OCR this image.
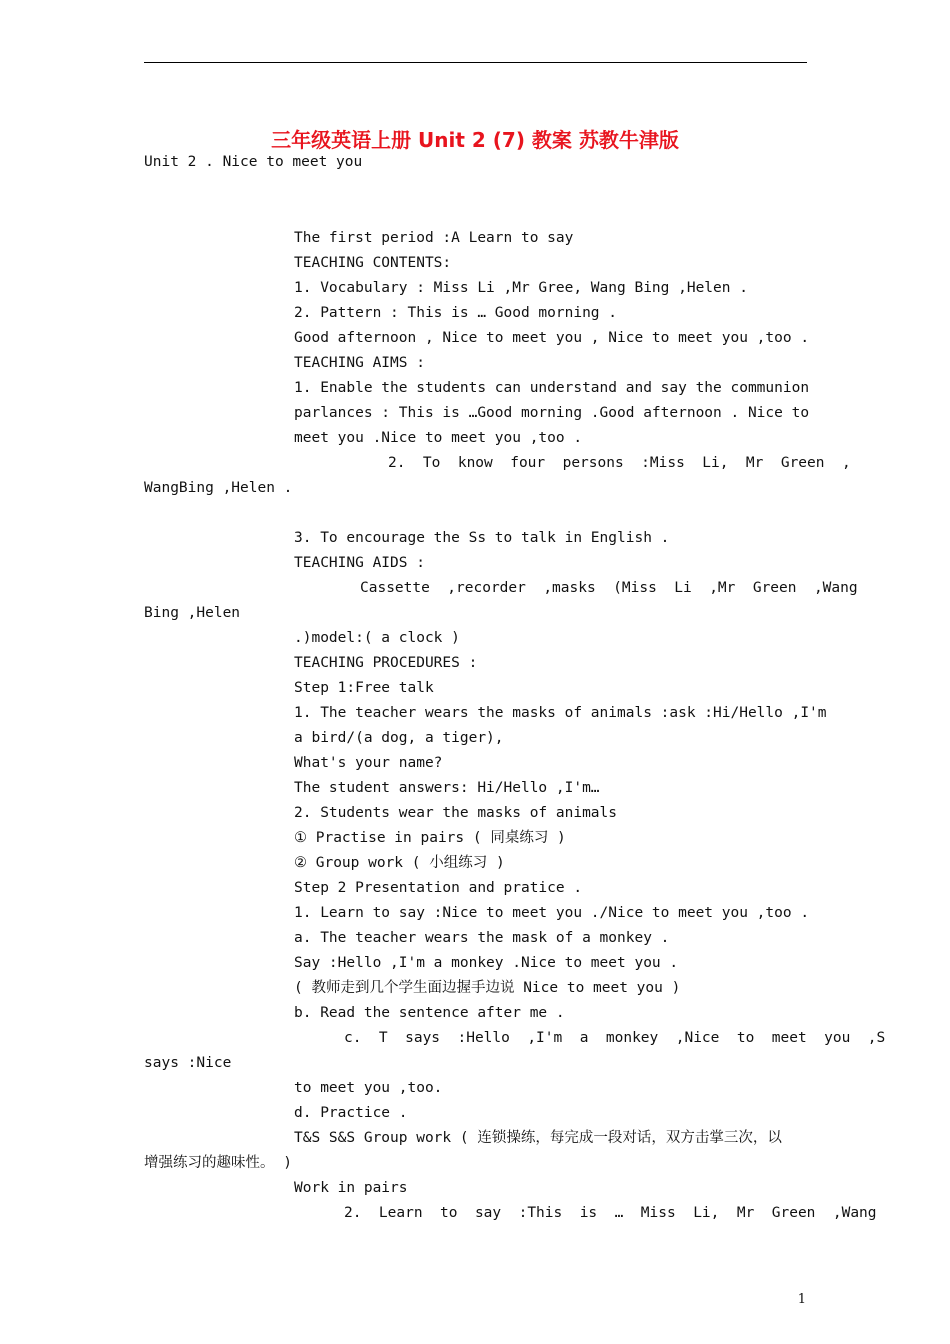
三年级英语上册 Unit 2 (7) 教案 苏教牛津版
Unit 2 . Nice to meet you
The first period :A Learn to say
TEACHING CONTENTS:
1. Vocabulary : Miss Li ,Mr Gree, Wang Bing ,Helen .
2. Pattern : This is … Good morning .
Good afternoon , Nice to meet you , Nice to meet you ,too .
TEACHING AIMS :
1. Enable the students can understand and say the communion
parlances : This is …Good morning .Good afternoon . Nice to
meet you .Nice to meet you ,too .
2.  To  know  four  persons  :Miss  Li,  Mr  Green  ,
WangBing ,Helen .
3. To encourage the Ss to talk in English .
TEACHING AIDS :
Cassette  ,recorder  ,masks  (Miss  Li  ,Mr  Green  ,Wang
Bing ,Helen
.)model:( a clock )
TEACHING PROCEDURES :
Step 1:Free talk
1. The teacher wears the masks of animals :ask :Hi/Hello ,I'm
a bird/(a dog, a tiger),
What's your name?
The student answers: Hi/Hello ,I'm…
2. Students wear the masks of animals
① Practise in pairs ( 同桌练习 )
② Group work ( 小组练习 )
Step 2 Presentation and pratice .
1. Learn to say :Nice to meet you ./Nice to meet you ,too .
a. The teacher wears the mask of a monkey .
Say :Hello ,I'm a monkey .Nice to meet you .
( 教师走到几个学生面边握手边说 Nice to meet you )
b. Read the sentence after me .
c.  T  says  :Hello  ,I'm  a  monkey  ,Nice  to  meet  you  ,S
says :Nice
to meet you ,too.
d. Practice .
T&S S&S Group work ( 连锁操练，每完成一段对话，双方击掌三次，以
增强练习的趣味性。 )
Work in pairs
2.  Learn  to  say  :This  is  …  Miss  Li,  Mr  Green  ,Wang
1
